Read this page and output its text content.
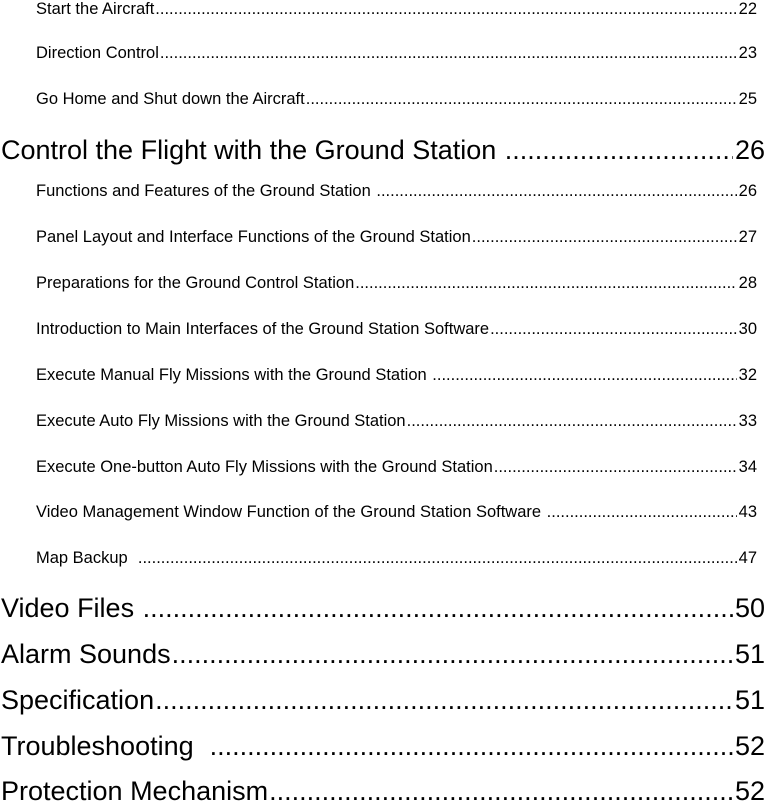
Start the Aircraft .....	22
Direction Control .....	23
Go Home and Shut down the Aircraft .....	25
Control the Flight with the Ground Station .....	26
Functions and Features of the Ground Station .....	26
Panel Layout and Interface Functions of the Ground Station .....	27
Preparations for the Ground Control Station .....	28
Introduction to Main Interfaces of the Ground Station Software .....	30
Execute Manual Fly Missions with the Ground Station .....	32
Execute Auto Fly Missions with the Ground Station .....	33
Execute One-button Auto Fly Missions with the Ground Station .....	34
Video Management Window Function of the Ground Station Software .....	43
Map Backup .....	47
Video Files .....	50
Alarm Sounds .....	51
Specification .....	51
Troubleshooting .....	52
Protection Mechanism .....	52
